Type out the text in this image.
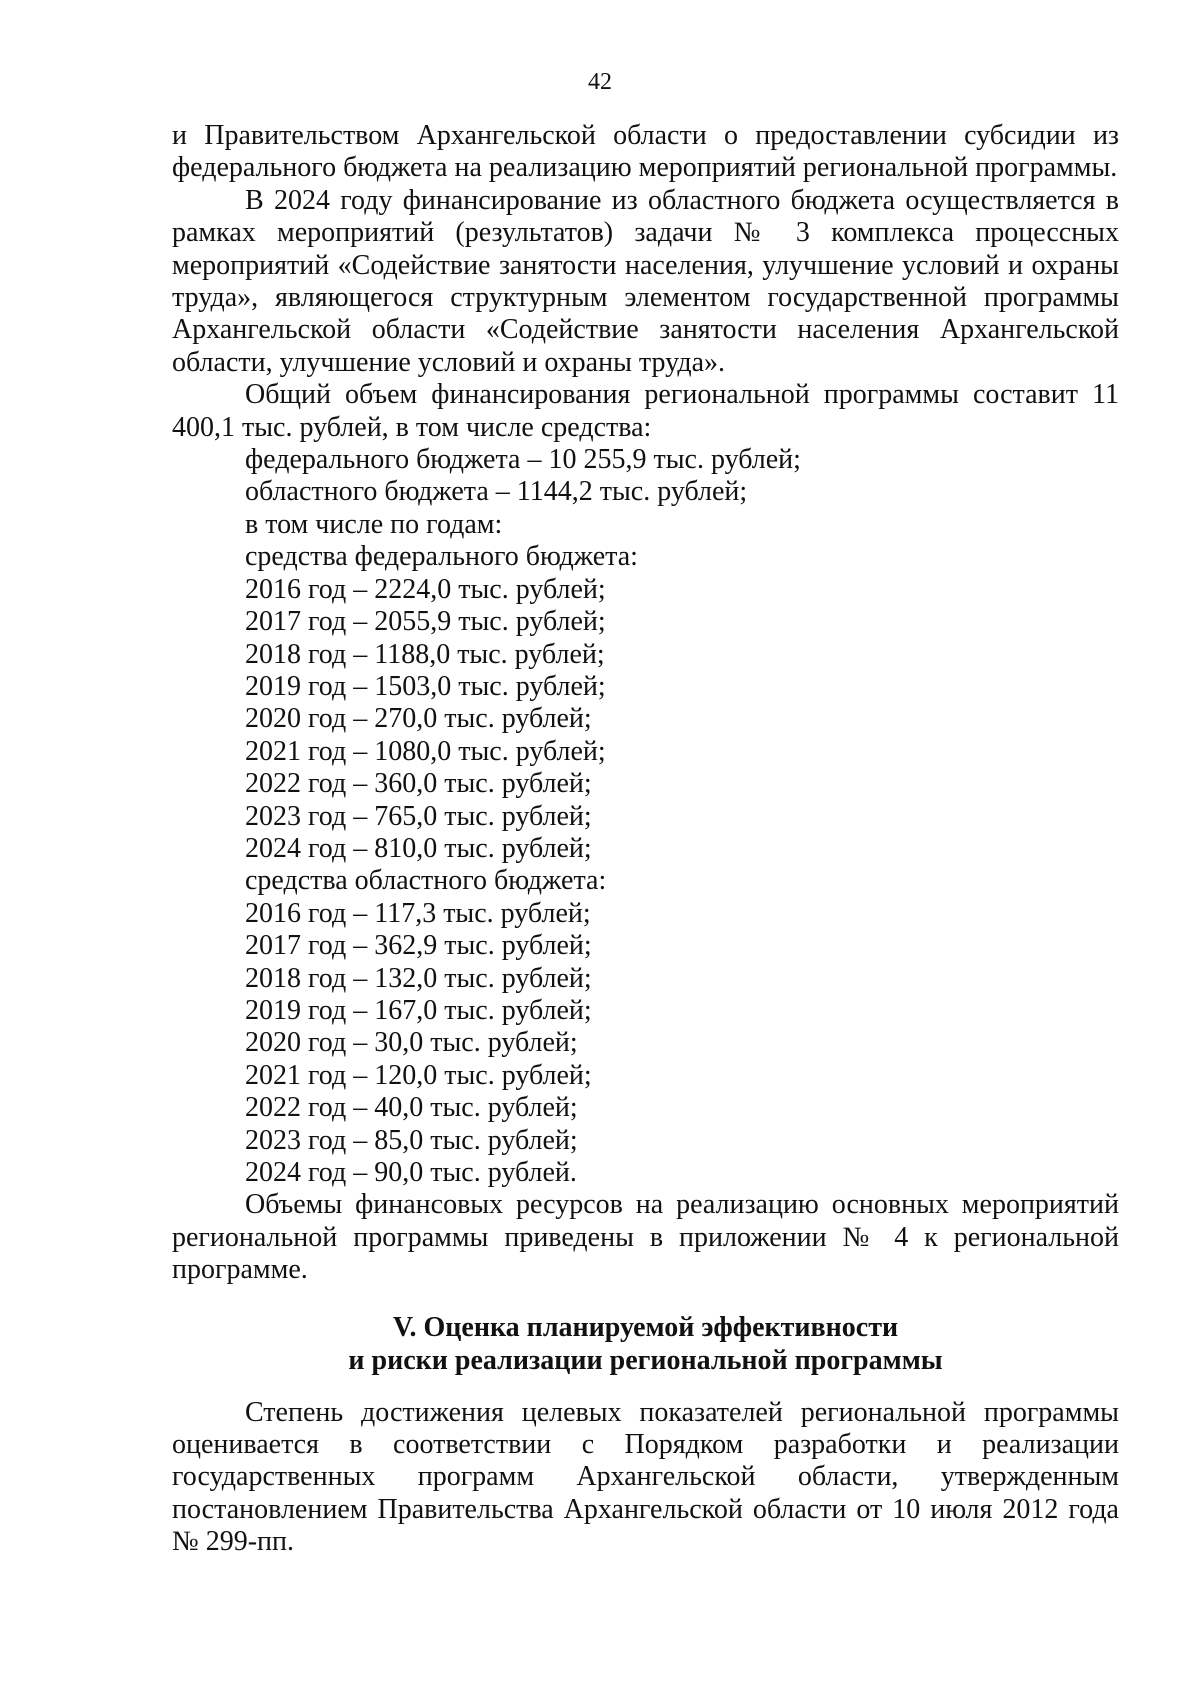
42

и Правительством Архангельской области о предоставлении субсидии из федерального бюджета на реализацию мероприятий региональной программы.

В 2024 году финансирование из областного бюджета осуществляется в рамках мероприятий (результатов) задачи № 3 комплекса процессных мероприятий «Содействие занятости населения, улучшение условий и охраны труда», являющегося структурным элементом государственной программы Архангельской области «Содействие занятости населения Архангельской области, улучшение условий и охраны труда».

Общий объем финансирования региональной программы составит 11 400,1 тыс. рублей, в том числе средства:

федерального бюджета – 10 255,9 тыс. рублей;

областного бюджета – 1144,2 тыс. рублей;

в том числе по годам:

средства федерального бюджета:

2016 год – 2224,0 тыс. рублей;

2017 год – 2055,9 тыс. рублей;

2018 год – 1188,0 тыс. рублей;

2019 год – 1503,0 тыс. рублей;

2020 год – 270,0 тыс. рублей;

2021 год – 1080,0 тыс. рублей;

2022 год – 360,0 тыс. рублей;

2023 год – 765,0 тыс. рублей;

2024 год – 810,0 тыс. рублей;

средства областного бюджета:

2016 год – 117,3 тыс. рублей;

2017 год – 362,9 тыс. рублей;

2018 год – 132,0 тыс. рублей;

2019 год – 167,0 тыс. рублей;

2020 год – 30,0 тыс. рублей;

2021 год – 120,0 тыс. рублей;

2022 год – 40,0 тыс. рублей;

2023 год – 85,0 тыс. рублей;

2024 год – 90,0 тыс. рублей.

Объемы финансовых ресурсов на реализацию основных мероприятий региональной программы приведены в приложении № 4 к региональной программе.

V. Оценка планируемой эффективности
и риски реализации региональной программы

Степень достижения целевых показателей региональной программы оценивается в соответствии с Порядком разработки и реализации государственных программ Архангельской области, утвержденным постановлением Правительства Архангельской области от 10 июля 2012 года № 299-пп.
